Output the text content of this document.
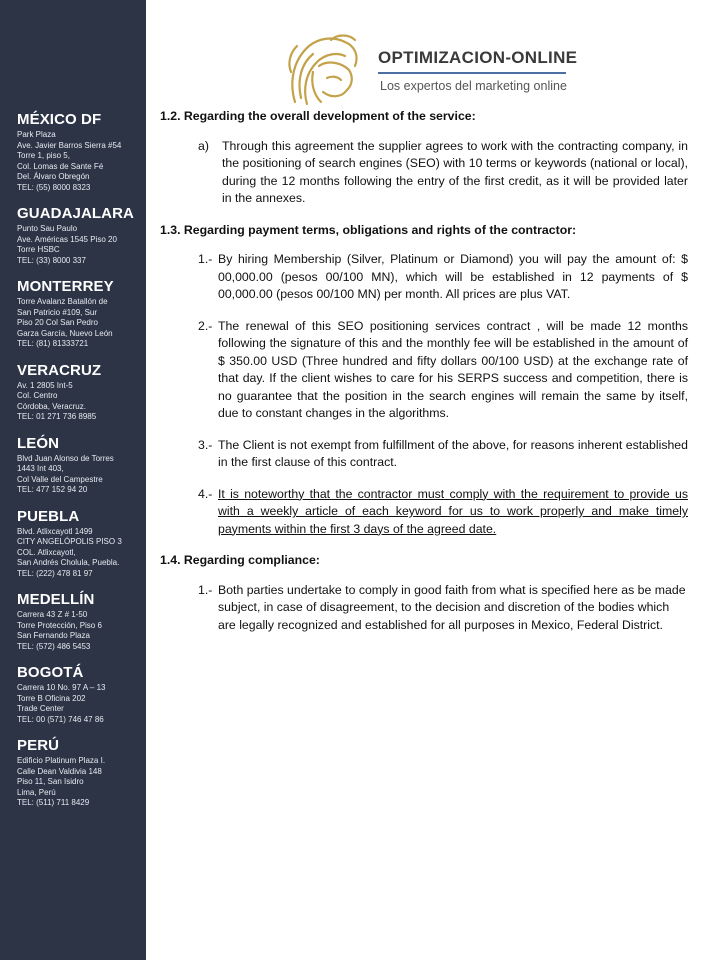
MÉXICO DF
Park Plaza
Ave. Javier Barros Sierra #54
Torre 1, piso 5,
Col. Lomas de Sante Fé
Del. Álvaro Obregón
TEL: (55) 8000 8323
GUADAJALARA
Punto Sau Paulo
Ave. Américas 1545 Piso 20
Torre HSBC
TEL: (33) 8000 337
MONTERREY
Torre Avalanz Batallón de
San Patricio #109, Sur
Piso 20 Col San Pedro
Garza García, Nuevo León
TEL: (81) 81333721
VERACRUZ
Av. 1 2805 Int-5
Col. Centro
Córdoba, Veracruz.
TEL: 01 271 736 8985
LEÓN
Blvd Juan Alonso de Torres
1443 Int 403,
Col Valle del Campestre
TEL: 477 152 94 20
PUEBLA
Blvd. Atlixcayotl 1499
CITY ANGELÓPOLIS PISO 3
COL. Atlixcayotl,
San Andrés Cholula, Puebla.
TEL: (222) 478 81 97
MEDELLÍN
Carrera 43 Z # 1-50
Torre Protección, Piso 6
San Fernando Plaza
TEL: (572) 486 5453
BOGOTÁ
Carrera 10 No. 97 A – 13
Torre B Oficina 202
Trade Center
TEL: 00 (571) 746 47 86
PERÚ
Edificio Platinum Plaza I.
Calle Dean Valdivia 148
Piso 11, San Isidro
Lima, Perú
TEL: (511) 711 8429
OPTIMIZACION-ONLINE
Los expertos del marketing online
1.2. Regarding the overall development of the service:
a) Through this agreement the supplier agrees to work with the contracting company, in the positioning of search engines (SEO) with 10 terms or keywords (national or local), during the 12 months following the entry of the first credit, as it will be provided later in the annexes.
1.3. Regarding payment terms, obligations and rights of the contractor:
1.- By hiring Membership (Silver, Platinum or Diamond) you will pay the amount of: $ 00,000.00 (pesos 00/100 MN), which will be established in 12 payments of $ 00,000.00 (pesos 00/100 MN) per month. All prices are plus VAT.
2.- The renewal of this SEO positioning services contract , will be made 12 months following the signature of this and the monthly fee will be established in the amount of $ 350.00 USD (Three hundred and fifty dollars 00/100 USD) at the exchange rate of that day. If the client wishes to care for his SERPS success and competition, there is no guarantee that the position in the search engines will remain the same by itself, due to constant changes in the algorithms.
3.- The Client is not exempt from fulfillment of the above, for reasons inherent established in the first clause of this contract.
4.- It is noteworthy that the contractor must comply with the requirement to provide us with a weekly article of each keyword for us to work properly and make timely payments within the first 3 days of the agreed date.
1.4. Regarding compliance:
1.- Both parties undertake to comply in good faith from what is specified here as be made subject, in case of disagreement, to the decision and discretion of the bodies which are legally recognized and established for all purposes in Mexico, Federal District.
